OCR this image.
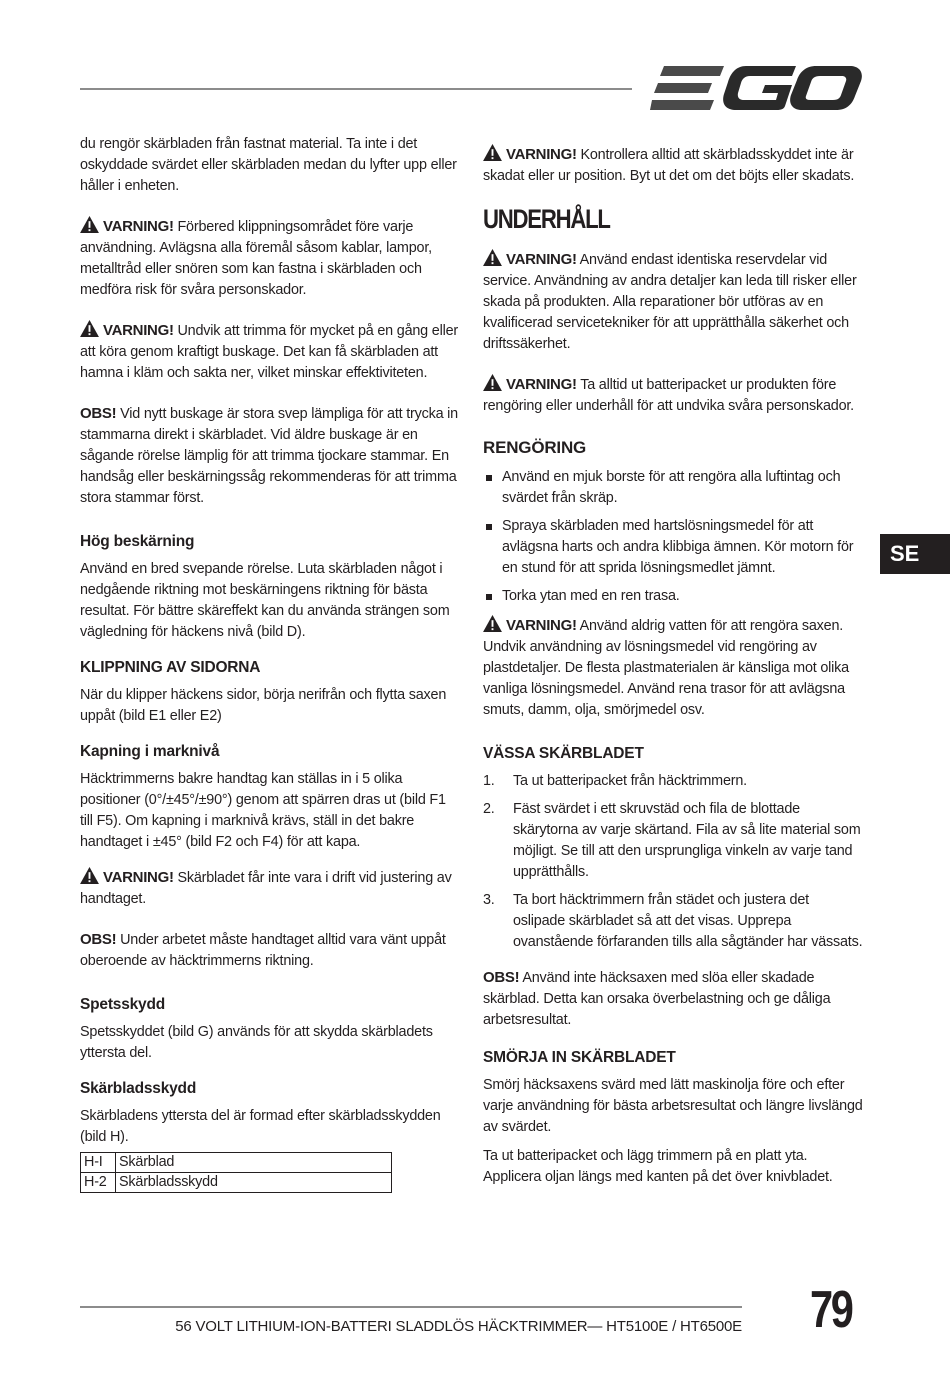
SE

du rengör skärbladen från fastnat material. Ta inte i det oskyddade svärdet eller skärbladen medan du lyfter upp eller håller i enheten.

VARNING! Förbered klippningsområdet före varje användning. Avlägsna alla föremål såsom kablar, lampor, metalltråd eller snören som kan fastna i skärbladen och medföra risk för svåra personskador.

VARNING! Undvik att trimma för mycket på en gång eller att köra genom kraftigt buskage. Det kan få skärbladen att hamna i kläm och sakta ner, vilket minskar effektiviteten.

OBS! Vid nytt buskage är stora svep lämpliga för att trycka in stammarna direkt i skärbladet. Vid äldre buskage är en sågande rörelse lämplig för att trimma tjockare stammar. En handsåg eller beskärningssåg rekommenderas för att trimma stora stammar först.

Hög beskärning

Använd en bred svepande rörelse. Luta skärbladen något i nedgående riktning mot beskärningens riktning för bästa resultat. För bättre skäreffekt kan du använda strängen som vägledning för häckens nivå (bild D).

KLIPPNING AV SIDORNA

När du klipper häckens sidor, börja nerifrån och flytta saxen uppåt (bild E1 eller E2)

Kapning i marknivå

Häcktrimmerns bakre handtag kan ställas in i 5 olika positioner (0°/±45°/±90°) genom att spärren dras ut (bild F1 till F5). Om kapning i marknivå krävs, ställ in det bakre handtaget i ±45° (bild F2 och F4) för att kapa.

VARNING! Skärbladet får inte vara i drift vid justering av handtaget.

OBS! Under arbetet måste handtaget alltid vara vänt uppåt oberoende av häcktrimmerns riktning.

Spetsskydd

Spetsskyddet (bild G) används för att skydda skärbladets yttersta del.

Skärbladsskydd

Skärbladens yttersta del är formad efter skärbladsskydden (bild H).

H-I	Skärblad
H-2	Skärbladsskydd

VARNING! Kontrollera alltid att skärbladsskyddet inte är skadat eller ur position. Byt ut det om det böjts eller skadats.

UNDERHÅLL

VARNING! Använd endast identiska reservdelar vid service. Användning av andra detaljer kan leda till risker eller skada på produkten. Alla reparationer bör utföras av en kvalificerad servicetekniker för att upprätthålla säkerhet och driftssäkerhet.

VARNING! Ta alltid ut batteripacket ur produkten före rengöring eller underhåll för att undvika svåra personskador.

RENGÖRING
Använd en mjuk borste för att rengöra alla luftintag och svärdet från skräp.
Spraya skärbladen med hartslösningsmedel för att avlägsna harts och andra klibbiga ämnen. Kör motorn för en stund för att sprida lösningsmedlet jämnt.
Torka ytan med en ren trasa.

VARNING! Använd aldrig vatten för att rengöra saxen. Undvik användning av lösningsmedel vid rengöring av plastdetaljer. De flesta plastmaterialen är känsliga mot olika vanliga lösningsmedel. Använd rena trasor för att avlägsna smuts, damm, olja, smörjmedel osv.

VÄSSA SKÄRBLADET
1. Ta ut batteripacket från häcktrimmern.
2. Fäst svärdet i ett skruvstäd och fila de blottade skärytorna av varje skärtand. Fila av så lite material som möjligt. Se till att den ursprungliga vinkeln av varje tand upprätthålls.
3. Ta bort häcktrimmern från städet och justera det oslipade skärbladet så att det visas. Upprepa ovanstående förfaranden tills alla sågtänder har vässats.

OBS! Använd inte häcksaxen med slöa eller skadade skärblad. Detta kan orsaka överbelastning och ge dåliga arbetsresultat.

SMÖRJA IN SKÄRBLADET

Smörj häcksaxens svärd med lätt maskinolja före och efter varje användning för bästa arbetsresultat och längre livslängd av svärdet.

Ta ut batteripacket och lägg trimmern på en platt yta. Applicera oljan längs med kanten på det över knivbladet.

56 VOLT LITHIUM-ION-BATTERI SLADDLÖS HÄCKTRIMMER— HT5100E / HT6500E 79
